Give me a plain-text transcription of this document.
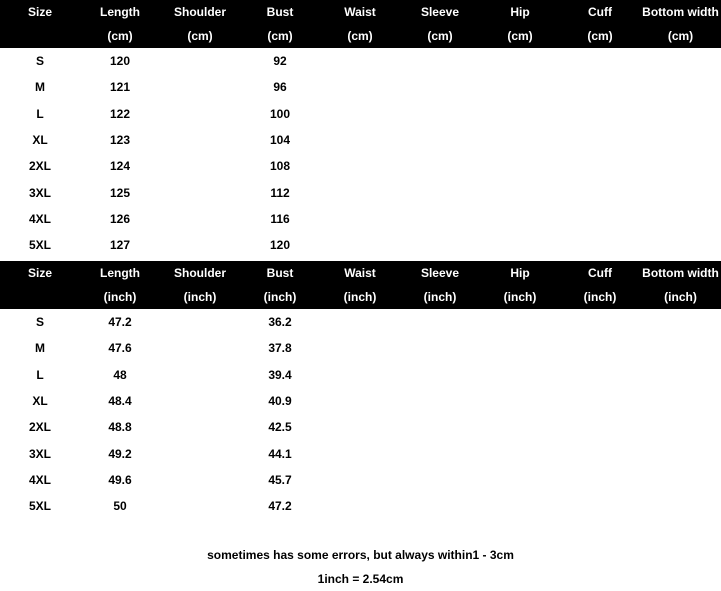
Size	Length	Shoulder	Bust	Waist	Sleeve	Hip	Cuff	Bottom width
	(cm)	(cm)	(cm)	(cm)	(cm)	(cm)	(cm)	(cm)
S	120		92					
M	121		96					
L	122		100					
XL	123		104					
2XL	124		108					
3XL	125		112					
4XL	126		116					
5XL	127		120					
Size	Length	Shoulder	Bust	Waist	Sleeve	Hip	Cuff	Bottom width
	(inch)	(inch)	(inch)	(inch)	(inch)	(inch)	(inch)	(inch)
S	47.2		36.2					
M	47.6		37.8					
L	48		39.4					
XL	48.4		40.9					
2XL	48.8		42.5					
3XL	49.2		44.1					
4XL	49.6		45.7					
5XL	50		47.2					
sometimes has some errors, but always within1 - 3cm
1inch = 2.54cm
